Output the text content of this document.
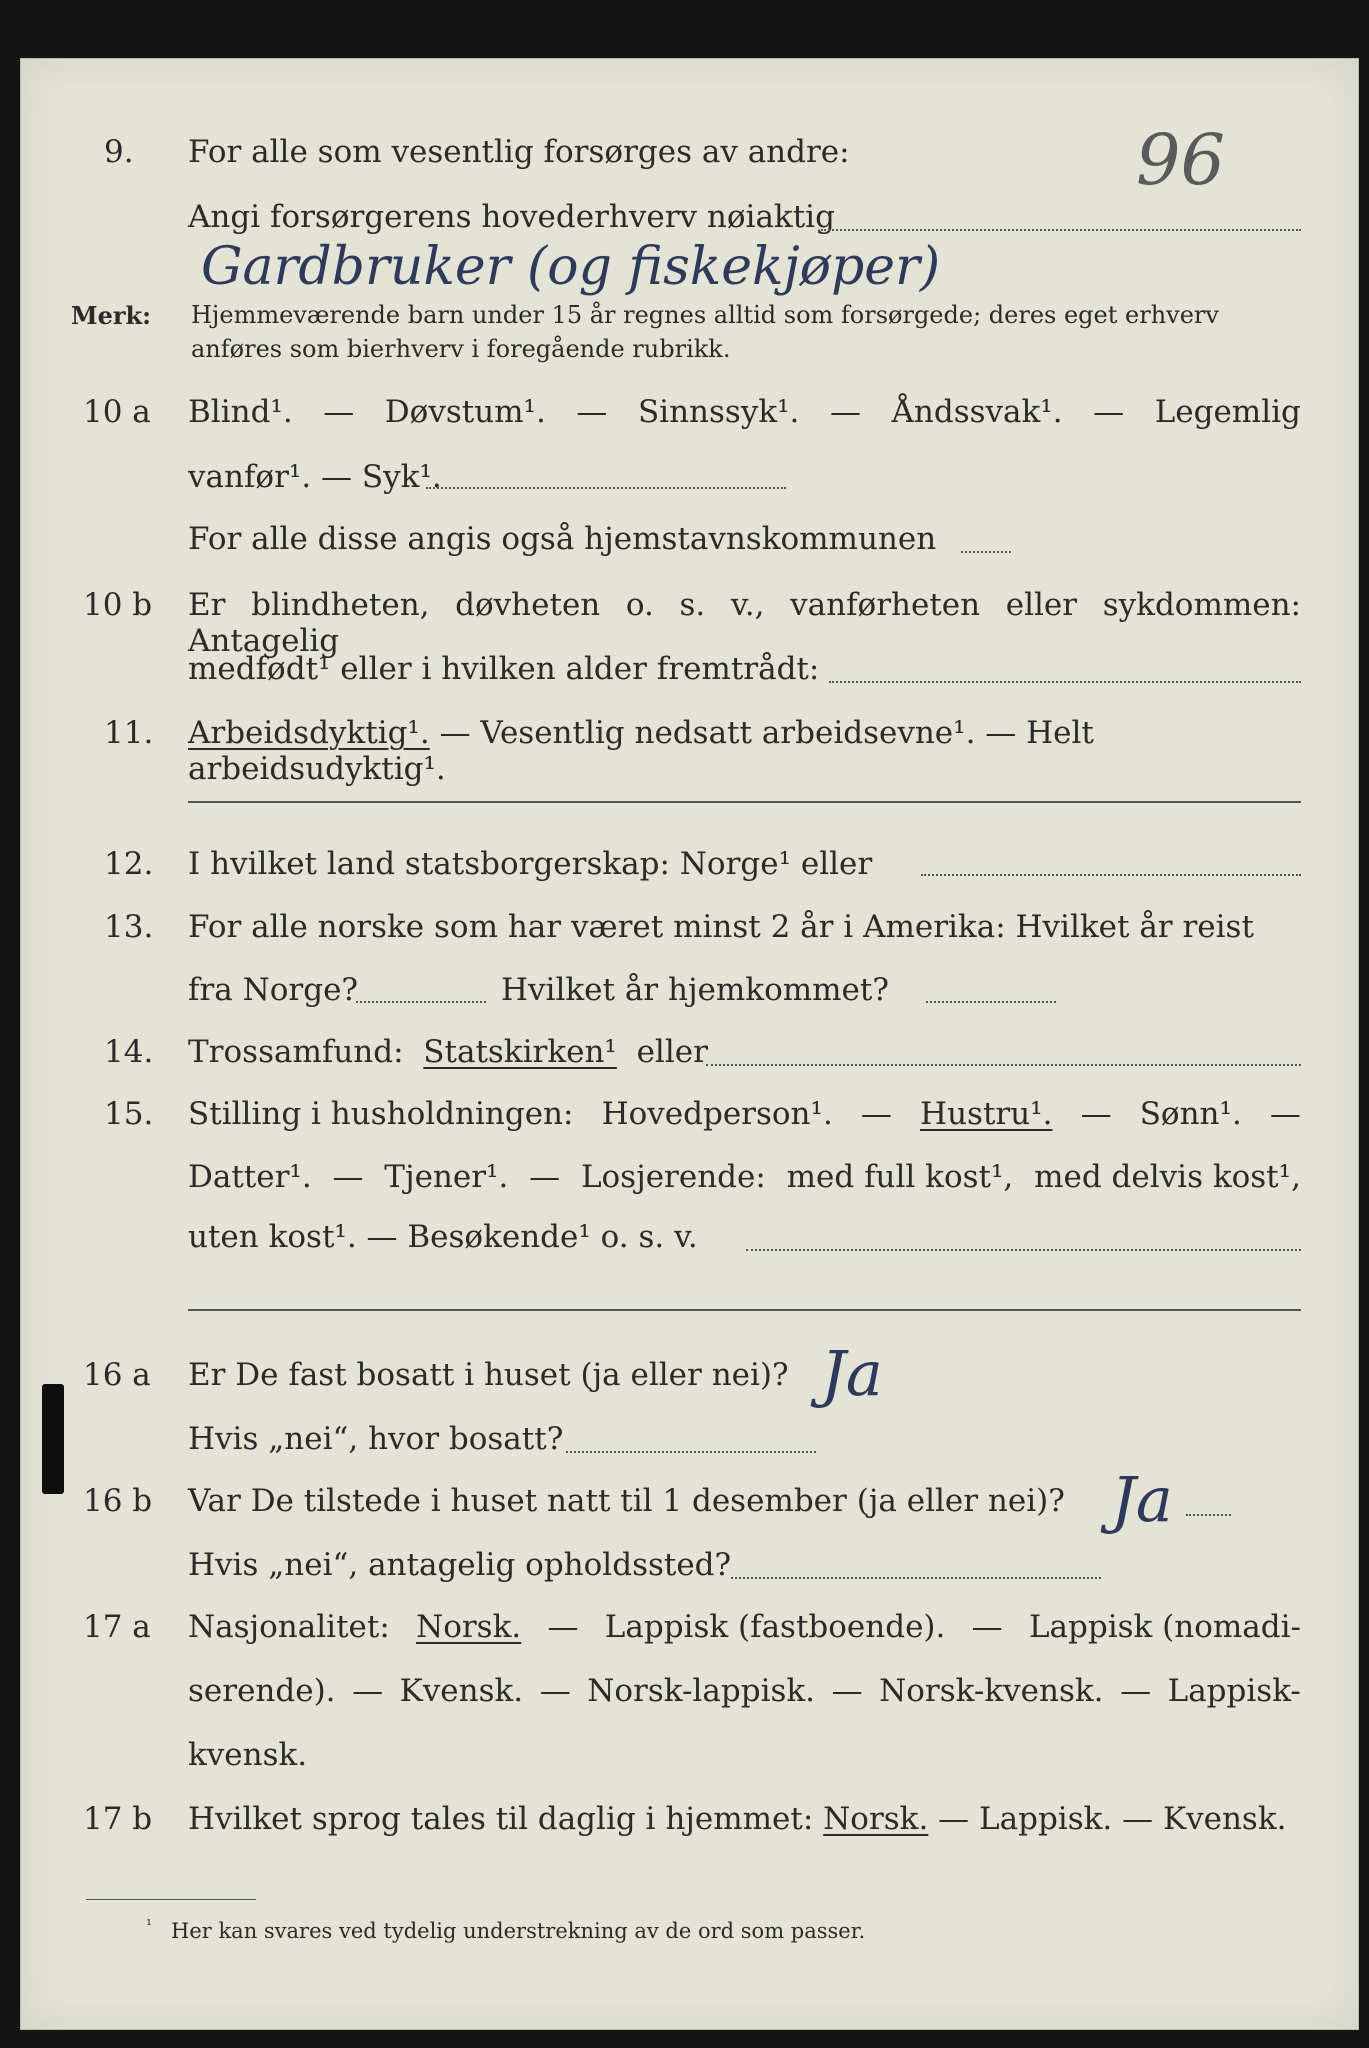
9. For alle som vesentlig forsørges av andre:	96
Angi forsørgerens hovederhverv nøiaktig
Gardbruker (og fiskekjøper)
Merk: Hjemmeværende barn under 15 år regnes alltid som forsørgede; deres eget erhverv
anføres som bierhverv i foregående rubrikk.
10 a Blind¹. — Døvstum¹. — Sinnssyk¹. — Åndssvak¹. — Legemlig
vanfør¹. — Syk¹.
For alle disse angis også hjemstavnskommunen
10 b Er blindheten, døvheten o. s. v., vanførheten eller sykdommen: Antagelig
medfødt¹ eller i hvilken alder fremtrådt:
11. Arbeidsdyktig¹. — Vesentlig nedsatt arbeidsevne¹. — Helt arbeidsudyktig¹.
12. I hvilket land statsborgerskap: Norge¹ eller
13. For alle norske som har været minst 2 år i Amerika: Hvilket år reist
fra Norge?	Hvilket år hjemkommet?
14. Trossamfund: Statskirken¹ eller
15. Stilling i husholdningen: Hovedperson¹. — Hustru¹. — Sønn¹. —
Datter¹. — Tjener¹. — Losjerende: med full kost¹, med delvis kost¹,
uten kost¹. — Besøkende¹ o. s. v.
16 a Er De fast bosatt i huset (ja eller nei)? Ja
Hvis „nei“, hvor bosatt?
16 b Var De tilstede i huset natt til 1 desember (ja eller nei)? Ja
Hvis „nei“, antagelig opholdssted?
17 a Nasjonalitet: Norsk. — Lappisk (fastboende). — Lappisk (nomadi-
serende). — Kvensk. — Norsk-lappisk. — Norsk-kvensk. — Lappisk-
kvensk.
17 b Hvilket sprog tales til daglig i hjemmet: Norsk. — Lappisk. — Kvensk.
¹ Her kan svares ved tydelig understrekning av de ord som passer.
